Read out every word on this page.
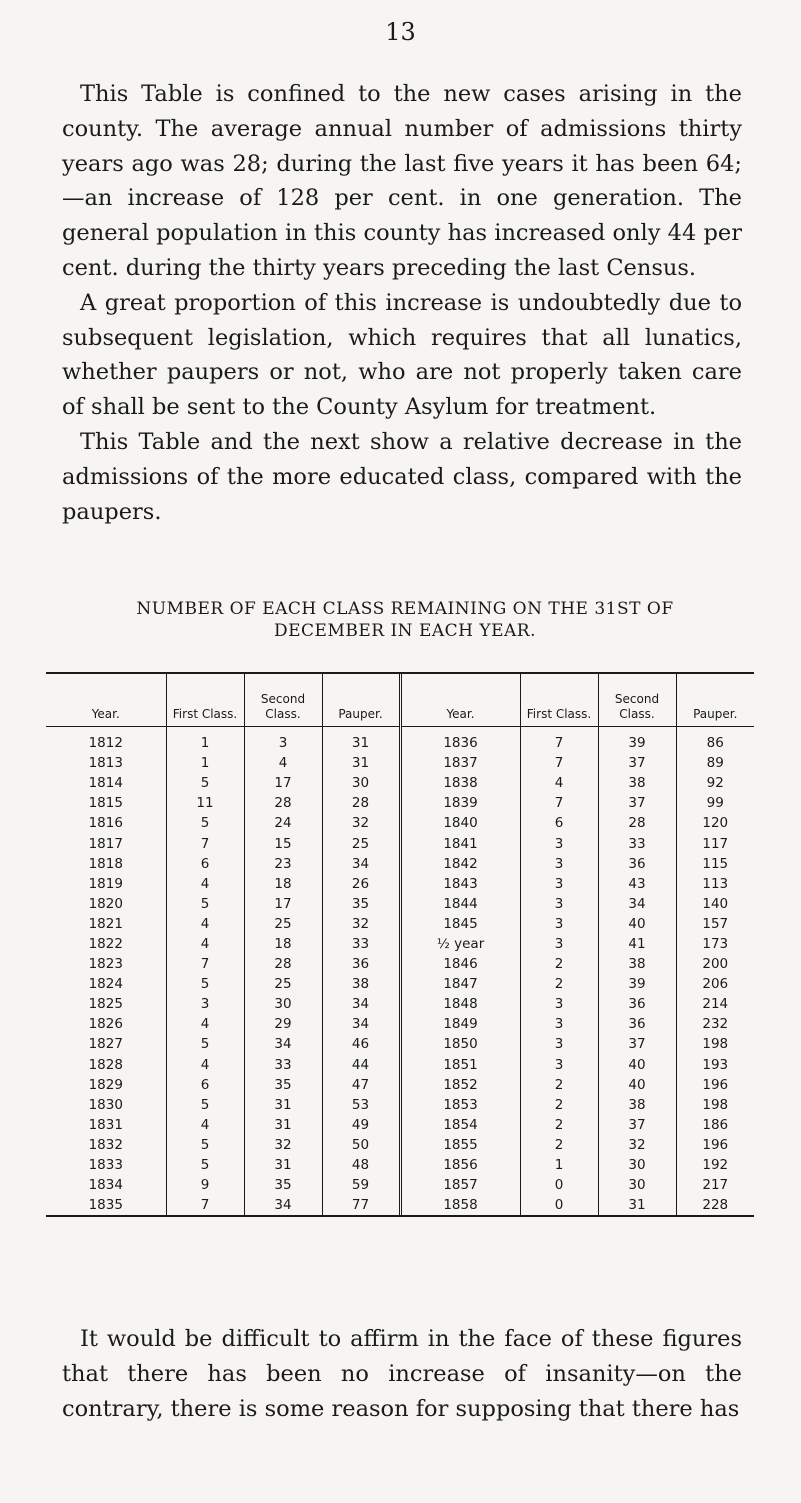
13

This Table is confined to the new cases arising in the county. The average annual number of admissions thirty years ago was 28; during the last five years it has been 64;—an increase of 128 per cent. in one generation. The general population in this county has increased only 44 per cent. during the thirty years preceding the last Census.

A great proportion of this increase is undoubtedly due to subsequent legislation, which requires that all lunatics, whether paupers or not, who are not properly taken care of shall be sent to the County Asylum for treatment.

This Table and the next show a relative decrease in the admissions of the more educated class, compared with the paupers.

NUMBER OF EACH CLASS REMAINING ON THE 31ST OF
DECEMBER IN EACH YEAR.
Year.	First Class.	Second Class.	Pauper.	Year.	First Class.	Second Class.	Pauper.
1812	1	3	31	1836	7	39	86
1813	1	4	31	1837	7	37	89
1814	5	17	30	1838	4	38	92
1815	11	28	28	1839	7	37	99
1816	5	24	32	1840	6	28	120
1817	7	15	25	1841	3	33	117
1818	6	23	34	1842	3	36	115
1819	4	18	26	1843	3	43	113
1820	5	17	35	1844	3	34	140
1821	4	25	32	1845	3	40	157
1822	4	18	33	½ year	3	41	173
1823	7	28	36	1846	2	38	200
1824	5	25	38	1847	2	39	206
1825	3	30	34	1848	3	36	214
1826	4	29	34	1849	3	36	232
1827	5	34	46	1850	3	37	198
1828	4	33	44	1851	3	40	193
1829	6	35	47	1852	2	40	196
1830	5	31	53	1853	2	38	198
1831	4	31	49	1854	2	37	186
1832	5	32	50	1855	2	32	196
1833	5	31	48	1856	1	30	192
1834	9	35	59	1857	0	30	217
1835	7	34	77	1858	0	31	228

It would be difficult to affirm in the face of these figures that there has been no increase of insanity—on the contrary, there is some reason for supposing that there has
